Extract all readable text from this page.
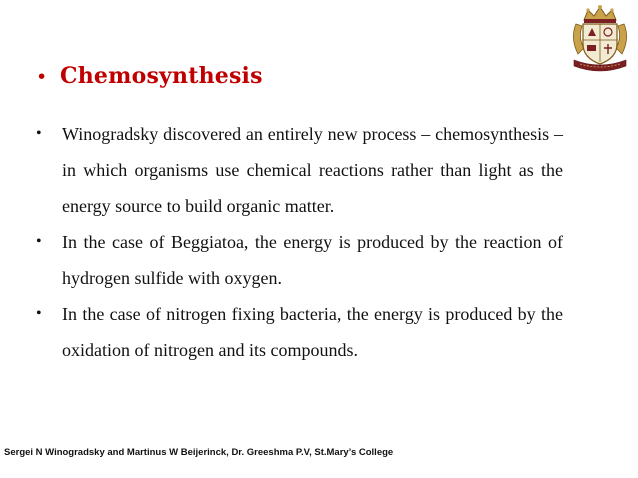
• Chemosynthesis
•	Winogradsky discovered an entirely new process – chemosynthesis – in which organisms use chemical reactions rather than light as the energy source to build organic matter.
•	In the case of Beggiatoa, the energy is produced by the reaction of hydrogen sulfide with oxygen.
•	In the case of nitrogen fixing bacteria, the energy is produced by the oxidation of nitrogen and its compounds.
Sergei N Winogradsky and Martinus W Beijerinck, Dr. Greeshma P.V, St.Mary’s College
